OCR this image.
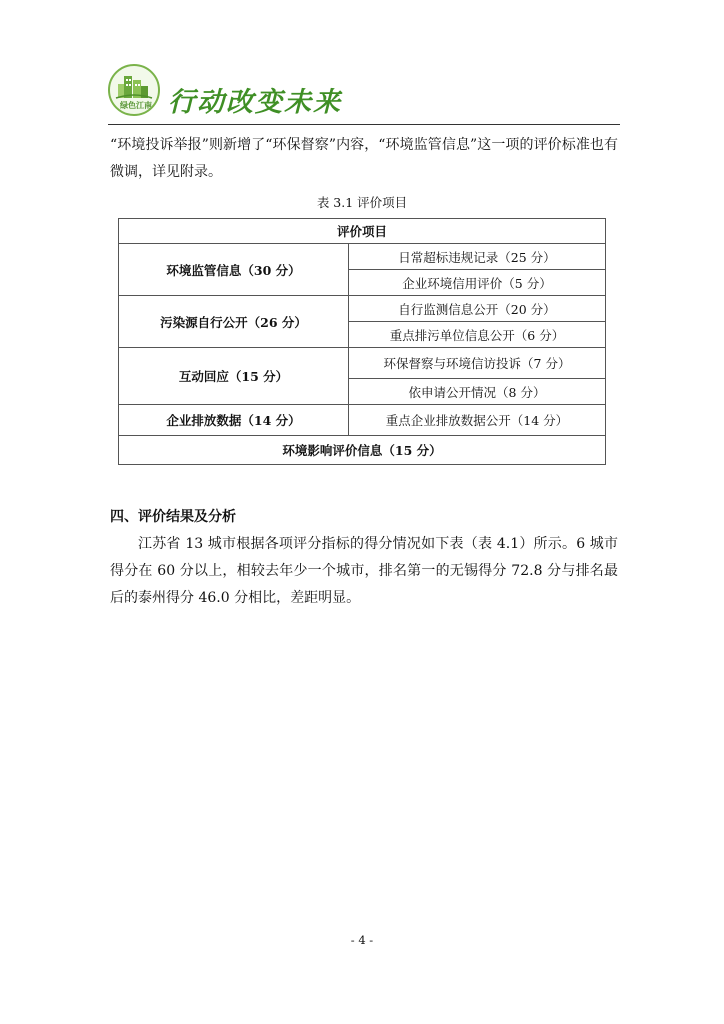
绿色江南 行动改变未来

“环境投诉举报”则新增了“环保督察”内容，“环境监管信息”这一项的评价标准也有微调，详见附录。

表 3.1 评价项目
评价项目	
环境监管信息（30 分）	日常超标违规记录（25 分）
	企业环境信用评价（5 分）
污染源自行公开（26 分）	自行监测信息公开（20 分）
	重点排污单位信息公开（6 分）
互动回应（15 分）	环保督察与环境信访投诉（7 分）
	依申请公开情况（8 分）
企业排放数据（14 分）	重点企业排放数据公开（14 分）
环境影响评价信息（15 分）	
四、评价结果及分析

江苏省 13 城市根据各项评分指标的得分情况如下表（表 4.1）所示。6 城市得分在 60 分以上，相较去年少一个城市，排名第一的无锡得分 72.8 分与排名最后的泰州得分 46.0 分相比，差距明显。

- 4 -
